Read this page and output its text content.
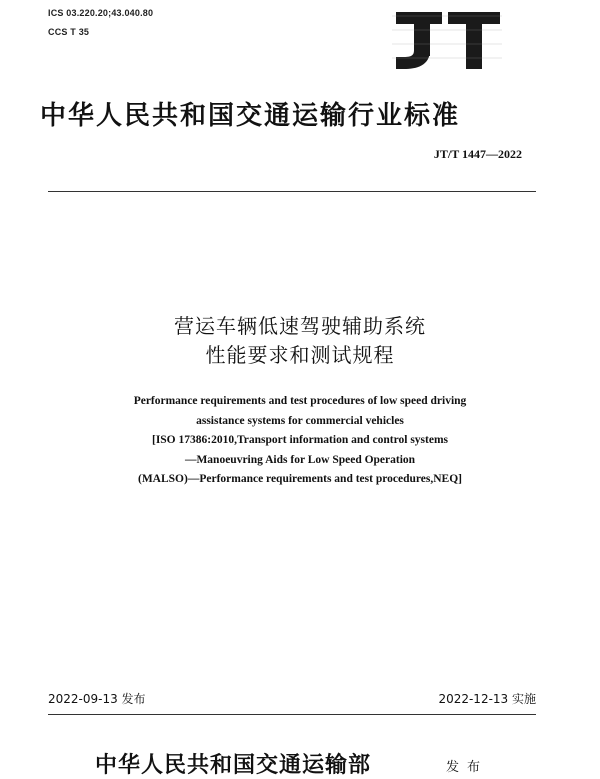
ICS 03.220.20;43.040.80
CCS T 35
JT
中华人民共和国交通运输行业标准
JT/T 1447—2022
营运车辆低速驾驶辅助系统
性能要求和测试规程
Performance requirements and test procedures of low speed driving
assistance systems for commercial vehicles
[ISO 17386:2010,Transport information and control systems
—Manoeuvring Aids for Low Speed Operation
(MALSO)—Performance requirements and test procedures,NEQ]
2022-09-13 发布	2022-12-13 实施
中华人民共和国交通运输部	发布
